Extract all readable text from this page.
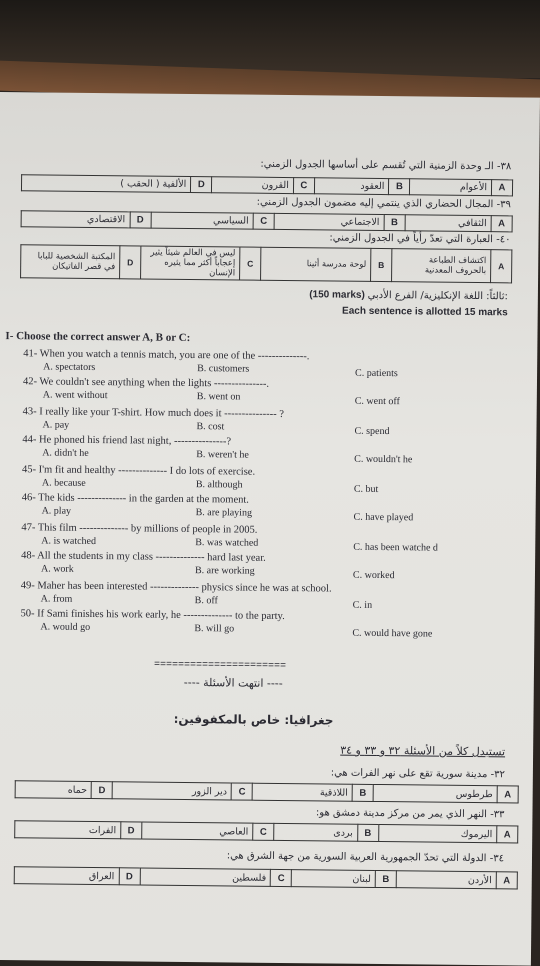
٣٨- الـ وحدة الزمنية التي تُقسم على أساسها الجدول الزمني:
A	الأعوام	B	العقود	C	القرون	D	الألفية ( الحقب )
٣٩- المجال الحضاري الذي ينتمي إليه مضمون الجدول الزمني:
A	الثقافي	B	الاجتماعي	C	السياسي	D	الاقتصادي
٤٠- العبارة التي تعدّ رأياً في الجدول الزمني:
A	اكتشاف الطباعة بالحروف المعدنية	B	لوحة مدرسة أثينا	C	ليس في العالم شيئاً يثير إعجاباً أكثر مما يثيره الإنسان	D	المكتبة الشخصية للبابا في قصر الفاتيكان
(150 marks) ثالثاً: اللغة الإنكليزية/ الفرع الأدبي:
Each sentence is allotted 15 marks
I- Choose the correct answer A, B or C:
41- When you watch a tennis match, you are one of the --------------.
A. spectators	B. customers	C. patients
42- We couldn't see anything when the lights ---------------.
A. went without	B. went on	C. went off
43- I really like your T-shirt. How much does it --------------- ?
A. pay	B. cost	C. spend
44- He phoned his friend last night, ---------------?
A. didn't he	B. weren't he	C. wouldn't he
45- I'm fit and healthy -------------- I do lots of exercise.
A. because	B. although	C. but
46- The kids -------------- in the garden at the moment.
A. play	B. are playing	C. have played
47- This film -------------- by millions of people in 2005.
A. is watched	B. was watched	C. has been watche d
48- All the students in my class -------------- hard last year.
A. work	B. are working	C. worked
49- Maher has been interested -------------- physics since he was at school.
A. from	B. off	C. in
50- If Sami finishes his work early, he -------------- to the party.
A. would go	B. will go	C. would have gone
======================
---- انتهت الأسئلة ----
جغرافيا: خاص بالمكفوفين:
تستبدل كلاً من الأسئلة ٣٢ و ٣٣ و ٣٤
٣٢- مدينة سورية تقع على نهر الفرات هي:
A	طرطوس	B	اللاذقية	C	دير الزور	D	حماه
٣٣- النهر الذي يمر من مركز مدينة دمشق هو:
A	اليرموك	B	بردى	C	العاصي	D	الفرات
٣٤- الدولة التي تحدّ الجمهورية العربية السورية من جهة الشرق هي:
A	الأردن	B	لبنان	C	فلسطين	D	العراق
